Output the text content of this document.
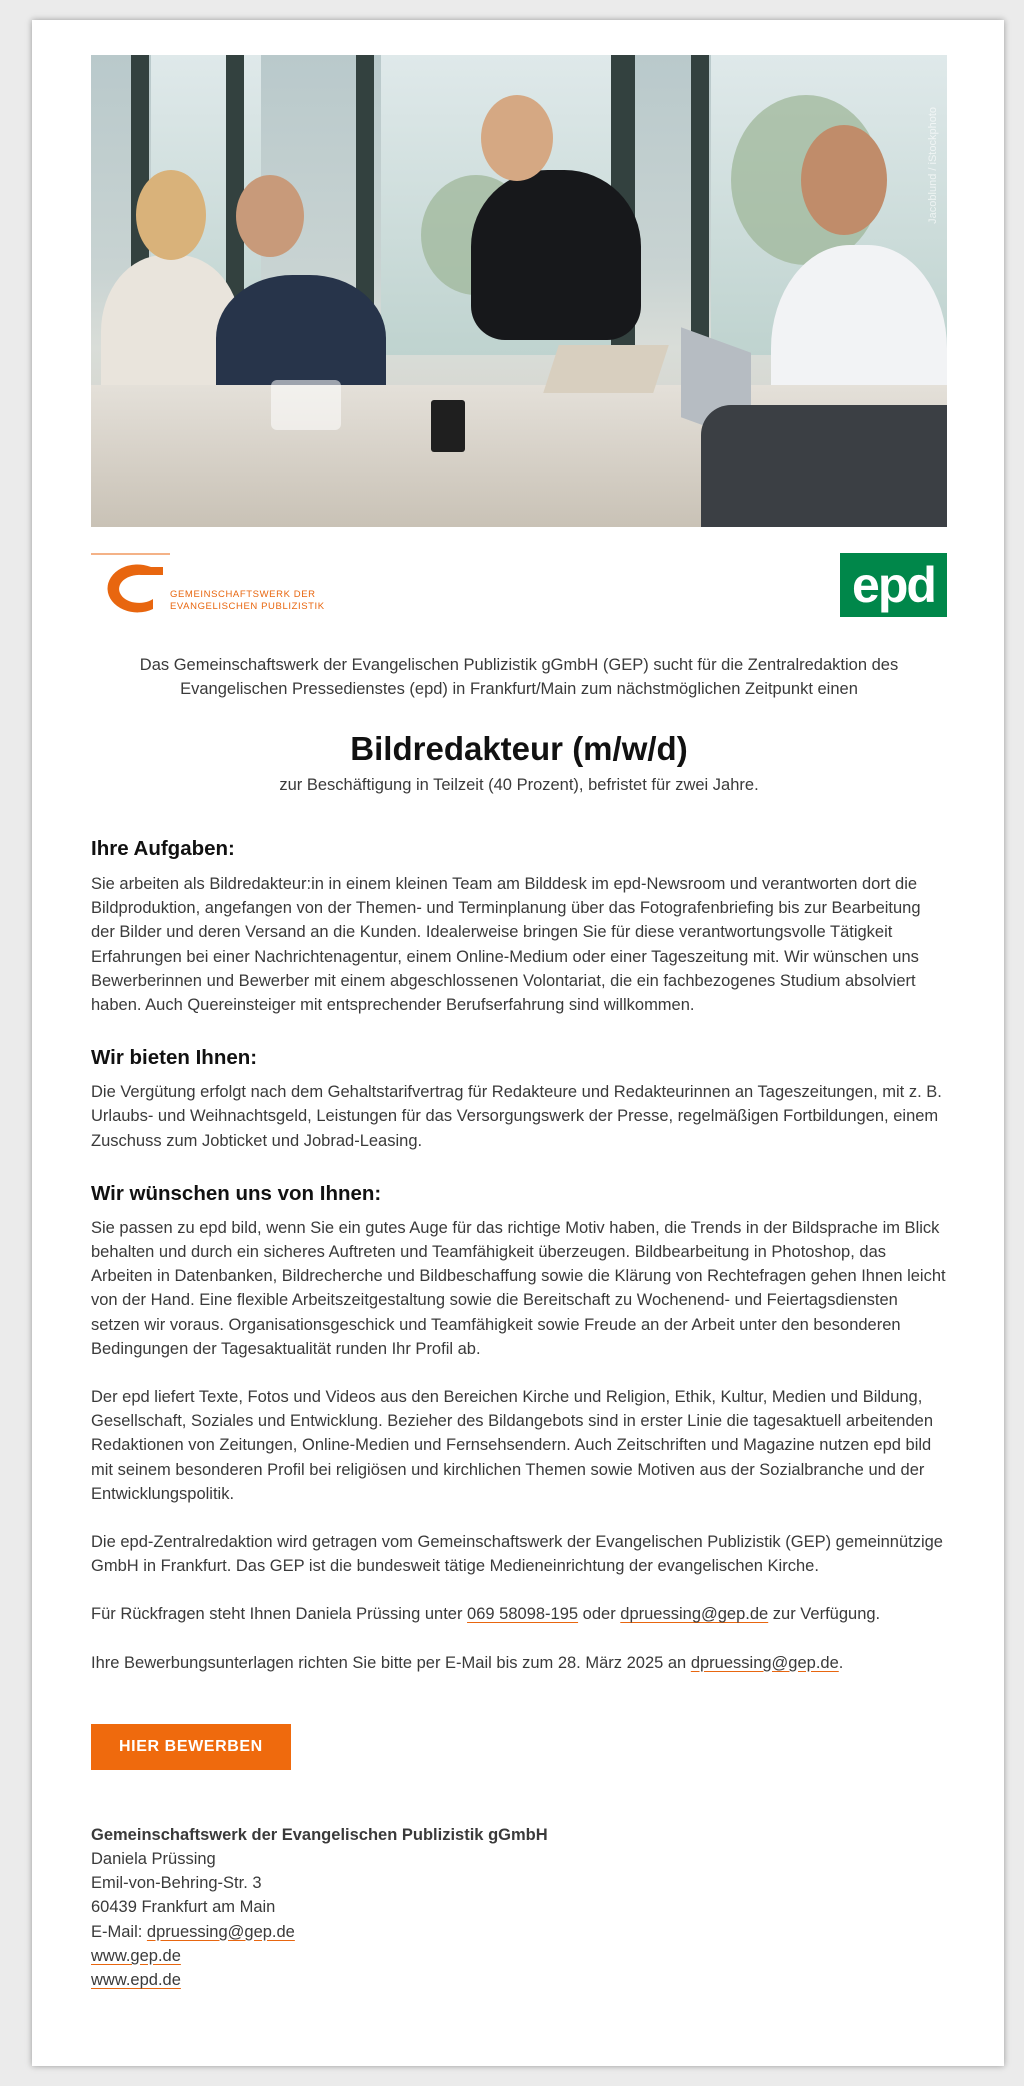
Jacoblund / iStockphoto
GEMEINSCHAFTSWERK DER
EVANGELISCHEN PUBLIZISTIK	epd
Das Gemeinschaftswerk der Evangelischen Publizistik gGmbH (GEP) sucht für die Zentralredaktion des Evangelischen Pressedienstes (epd) in Frankfurt/Main zum nächstmöglichen Zeitpunkt einen
Bildredakteur (m/w/d)
zur Beschäftigung in Teilzeit (40 Prozent), befristet für zwei Jahre.
Ihre Aufgaben:

Sie arbeiten als Bildredakteur:in in einem kleinen Team am Bilddesk im epd-Newsroom und verantworten dort die Bildproduktion, angefangen von der Themen- und Terminplanung über das Fotografenbriefing bis zur Bearbeitung der Bilder und deren Versand an die Kunden. Idealerweise bringen Sie für diese verantwortungsvolle Tätigkeit Erfahrungen bei einer Nachrichtenagentur, einem Online-Medium oder einer Tageszeitung mit. Wir wünschen uns Bewerberinnen und Bewerber mit einem abgeschlossenen Volontariat, die ein fachbezogenes Studium absolviert haben. Auch Quereinsteiger mit entsprechender Berufserfahrung sind willkommen.

Wir bieten Ihnen:

Die Vergütung erfolgt nach dem Gehaltstarifvertrag für Redakteure und Redakteurinnen an Tageszeitungen, mit z. B. Urlaubs- und Weihnachtsgeld, Leistungen für das Versorgungswerk der Presse, regelmäßigen Fortbildungen, einem Zuschuss zum Jobticket und Jobrad-Leasing.

Wir wünschen uns von Ihnen:

Sie passen zu epd bild, wenn Sie ein gutes Auge für das richtige Motiv haben, die Trends in der Bildsprache im Blick behalten und durch ein sicheres Auftreten und Teamfähigkeit überzeugen. Bildbearbeitung in Photoshop, das Arbeiten in Datenbanken, Bildrecherche und Bildbeschaffung sowie die Klärung von Rechtefragen gehen Ihnen leicht von der Hand. Eine flexible Arbeitszeitgestaltung sowie die Bereitschaft zu Wochenend- und Feiertagsdiensten setzen wir voraus. Organisationsgeschick und Teamfähigkeit sowie Freude an der Arbeit unter den besonderen Bedingungen der Tagesaktualität runden Ihr Profil ab.

Der epd liefert Texte, Fotos und Videos aus den Bereichen Kirche und Religion, Ethik, Kultur, Medien und Bildung, Gesellschaft, Soziales und Entwicklung. Bezieher des Bildangebots sind in erster Linie die tagesaktuell arbeitenden Redaktionen von Zeitungen, Online-Medien und Fernsehsendern. Auch Zeitschriften und Magazine nutzen epd bild mit seinem besonderen Profil bei religiösen und kirchlichen Themen sowie Motiven aus der Sozialbranche und der Entwicklungspolitik.

Die epd-Zentralredaktion wird getragen vom Gemeinschaftswerk der Evangelischen Publizistik (GEP) gemeinnützige GmbH in Frankfurt. Das GEP ist die bundesweit tätige Medieneinrichtung der evangelischen Kirche.

Für Rückfragen steht Ihnen Daniela Prüssing unter 069 58098-195 oder dpruessing@gep.de zur Verfügung.

Ihre Bewerbungsunterlagen richten Sie bitte per E-Mail bis zum 28. März 2025 an dpruessing@gep.de.

HIER BEWERBEN
Gemeinschaftswerk der Evangelischen Publizistik gGmbH
Daniela Prüssing
Emil-von-Behring-Str. 3
60439 Frankfurt am Main
E-Mail: dpruessing@gep.de
www.gep.de
www.epd.de
